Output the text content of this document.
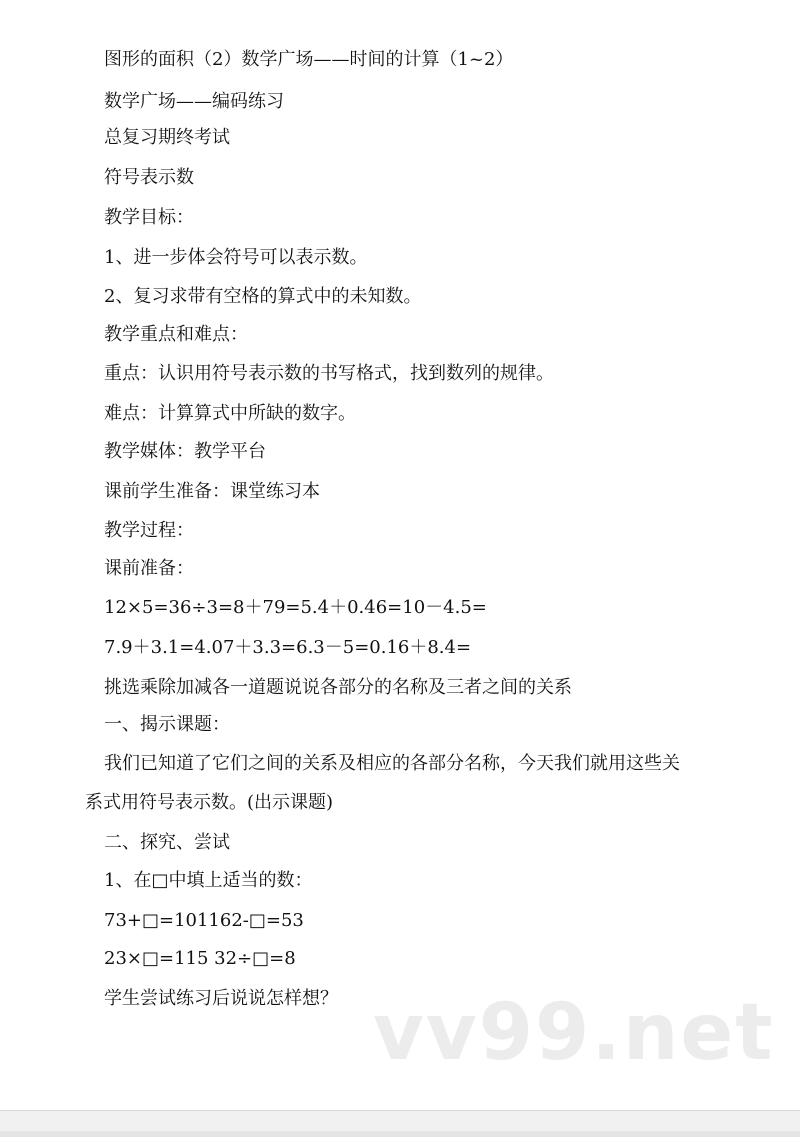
图形的面积（2）数学广场——时间的计算（1~2）
数学广场——编码练习
总复习期终考试
符号表示数
教学目标：
1、进一步体会符号可以表示数。
2、复习求带有空格的算式中的未知数。
教学重点和难点：
重点：认识用符号表示数的书写格式，找到数列的规律。
难点：计算算式中所缺的数字。
教学媒体：教学平台
课前学生准备：课堂练习本
教学过程：
课前准备：
12×5=36÷3=8＋79=5.4＋0.46=10－4.5=
7.9＋3.1=4.07＋3.3=6.3－5=0.16＋8.4=
挑选乘除加减各一道题说说各部分的名称及三者之间的关系
一、揭示课题：
我们已知道了它们之间的关系及相应的各部分名称，今天我们就用这些关
系式用符号表示数。(出示课题)
二、探究、尝试
1、在□中填上适当的数：
73+□=101162-□=53
23×□=115 32÷□=8
学生尝试练习后说说怎样想？ vv99.net
